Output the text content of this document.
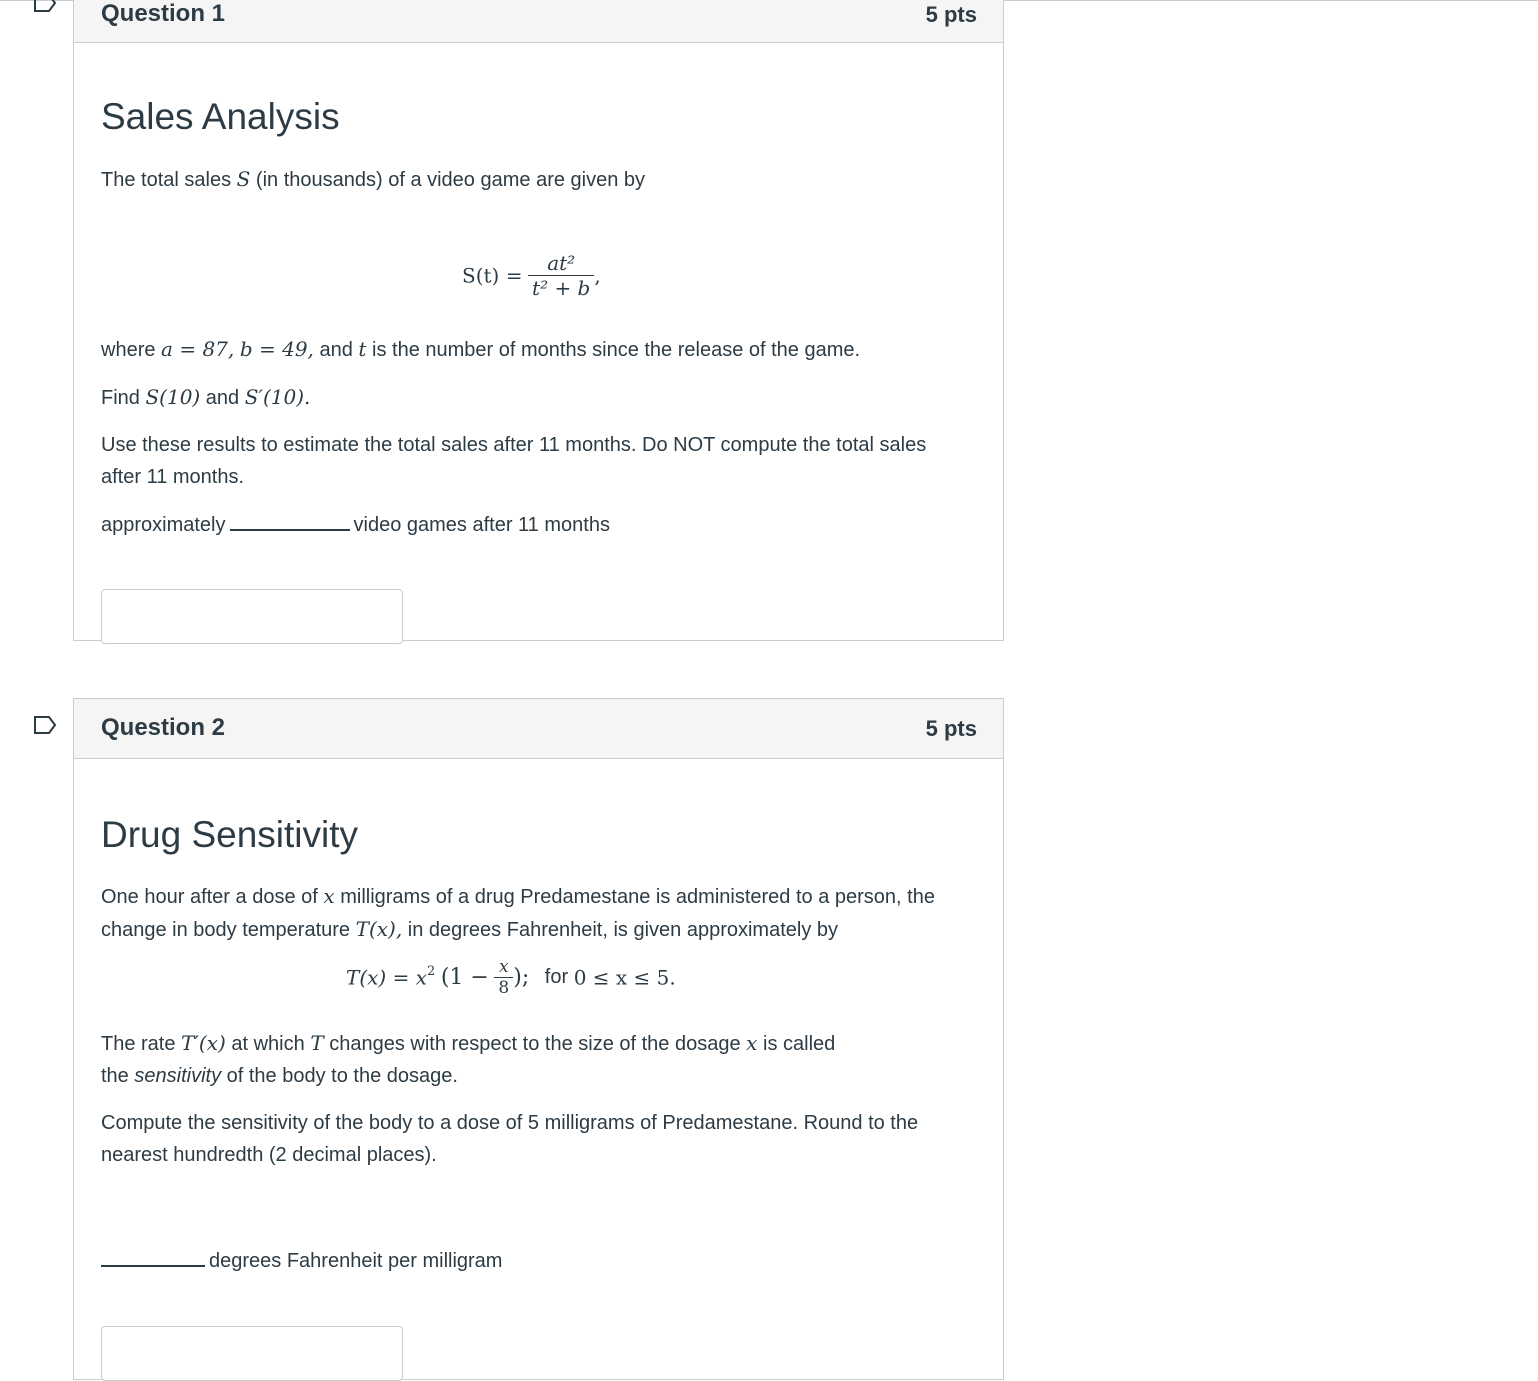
Question 1	5 pts
Sales Analysis

The total sales S (in thousands) of a video game are given by

$S(t) = \frac{\text{at²}}{\text{t² + b}}$ ,

where a = 87, b = 49, and t is the number of months since the release of the game.

Find S(10) and S′(10).

Use these results to estimate the total sales after 11 months. Do NOT compute the total sales after 11 months.

approximately	video games after 11 months

Question 2	5 pts
Drug Sensitivity

One hour after a dose of x milligrams of a drug Predamestane is administered to a person, the change in body temperature T(x), in degrees Fahrenheit, is given approximately by

$T(x) = x^2$ ($1 - \frac{x}{8}$ ); for 0 ≤ x ≤ 5.

The rate T′(x) at which T changes with respect to the size of the dosage x is called
the sensitivity of the body to the dosage.

Compute the sensitivity of the body to a dose of 5 milligrams of Predamestane. Round to the nearest hundredth (2 decimal places).

degrees Fahrenheit per milligram
